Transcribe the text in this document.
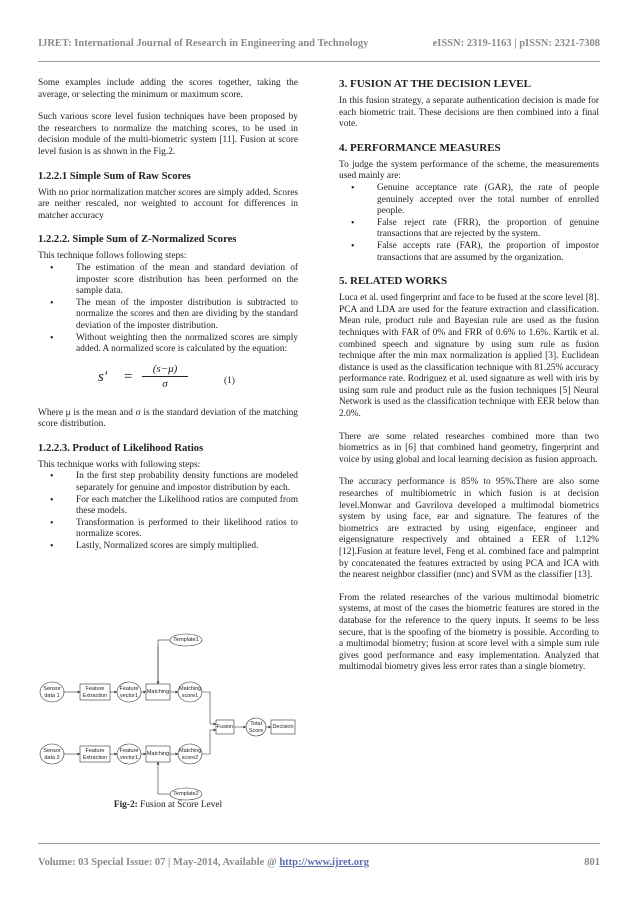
IJRET: International Journal of Research in Engineering and Technology	eISSN: 2319-1163 | pISSN: 2321-7308

Some examples include adding the scores together, taking the average, or selecting the minimum or maximum score.

Such various score level fusion techniques have been proposed by the researchers to normalize the matching scores, to be used in decision module of the multi-biometric system [11]. Fusion at score level fusion is as shown in the Fig.2.

1.2.2.1 Simple Sum of Raw Scores

With no prior normalization matcher scores are simply added. Scores are neither rescaled, nor weighted to account for differences in matcher accuracy

1.2.2.2. Simple Sum of Z-Normalized Scores

This technique follows following steps:

• The estimation of the mean and standard deviation of imposter score distribution has been performed on the sample data.
• The mean of the imposter distribution is subtracted to normalize the scores and then are dividing by the standard deviation of the imposter distribution.
• Without weighting then the normalized scores are simply added. A normalized score is calculated by the equation:
$s' = \frac{(s-\mu)}{\sigma}$	(1)

Where μ is the mean and σ is the standard deviation of the matching score distribution.

1.2.2.3. Product of Likelihood Ratios

This technique works with following steps:

• In the first step probability density functions are modeled separately for genuine and impostor distribution by each.
• For each matcher the Likelihood ratios are computed from these models.
• Transformation is performed to their likelihood ratios to normalize scores.
• Lastly, Normalized scores are simply multiplied.
Template1
Template2
Sensor
data 1
Sensor
data 2
Feature
Extraction
Feature
Extraction
Feature
vector1
Feature
vector1
Matching
Matching
Matching
score1
Matching
score2
Fusion	Total
Score
Decision
Fig-2: Fusion at Score Level
3. FUSION AT THE DECISION LEVEL

In this fusion strategy, a separate authentication decision is made for each biometric trait. These decisions are then combined into a final vote.

4. PERFORMANCE MEASURES

To judge the system performance of the scheme, the measurements used mainly are:

• Genuine acceptance rate (GAR), the rate of people genuinely accepted over the total number of enrolled people.
• False reject rate (FRR), the proportion of genuine transactions that are rejected by the system.
• False accepts rate (FAR), the proportion of impostor transactions that are assumed by the organization.
5. RELATED WORKS

Luca et al. used fingerprint and face to be fused at the score level [8]. PCA and LDA are used for the feature extraction and classification. Mean rule, product rule and Bayesian rule are used as the fusion techniques with FAR of 0% and FRR of 0.6% to 1.6%. Kartik et al. combined speech and signature by using sum rule as fusion technique after the min max normalization is applied [3]. Euclidean distance is used as the classification technique with 81.25% accuracy performance rate. Rodriguez et al. used signature as well with iris by using sum rule and product rule as the fusion techniques [5] Neural Network is used as the classification technique with EER below than 2.0%.

There are some related researches combined more than two biometrics as in [6] that combined hand geometry, fingerprint and voice by using global and local learning decision as fusion approach.

The accuracy performance is 85% to 95%.There are also some researches of multibiometric in which fusion is at decision level.Monwar and Gavrilova developed a multimodal biometrics system by using face, ear and signature. The features of the biometrics are extracted by using eigenface, engineer and eigensignature respectively and obtained a EER of 1.12% [12].Fusion at feature level, Feng et al. combined face and palmprint by concatenated the features extracted by using PCA and ICA with the nearest neighbor classifier (nnc) and SVM as the classifier [13].

From the related researches of the various multimodal biometric systems, at most of the cases the biometric features are stored in the database for the reference to the query inputs. It seems to be less secure, that is the spoofing of the biometry is possible. According to a multimodal biometry; fusion at score level with a simple sum rule gives good performance and easy implementation. Analyzed that multimodal biometry gives less error rates than a single biometry.

Volume: 03 Special Issue: 07 | May-2014, Available @ http://www.ijret.org	801
